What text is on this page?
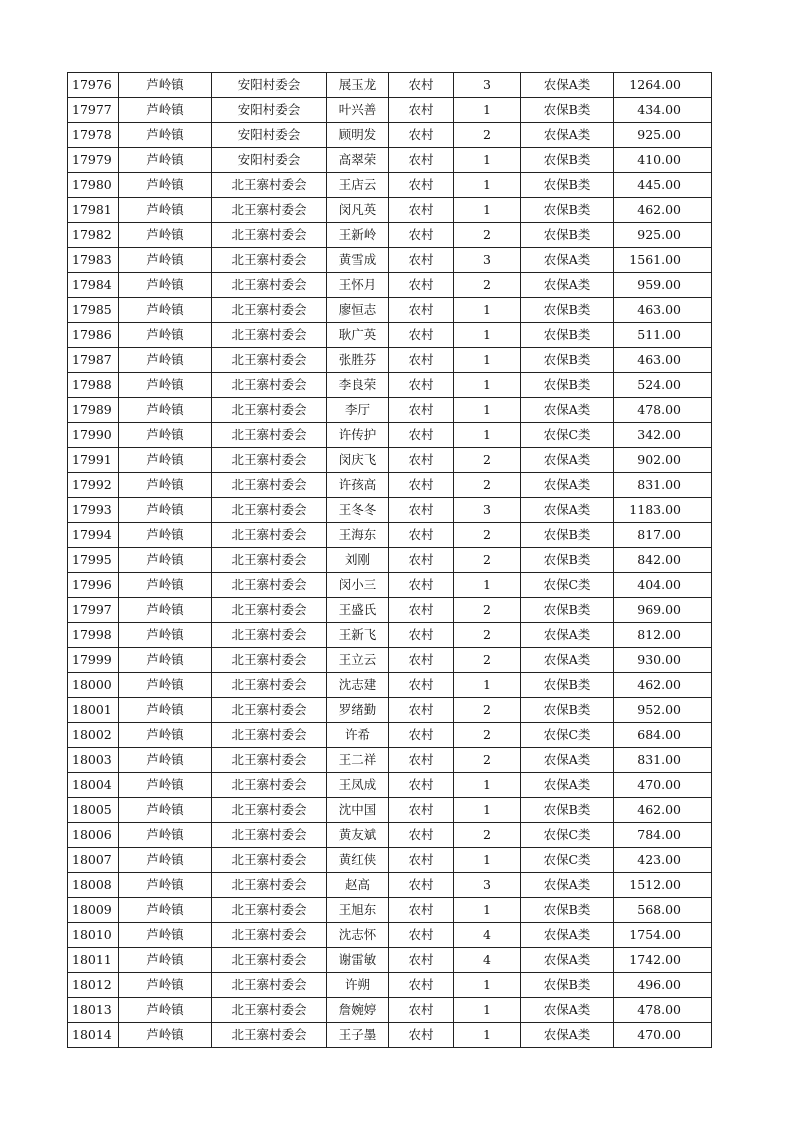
17976	芦岭镇	安阳村委会	展玉龙	农村	3	农保A类	1264.00
17977	芦岭镇	安阳村委会	叶兴善	农村	1	农保B类	434.00
17978	芦岭镇	安阳村委会	顾明发	农村	2	农保A类	925.00
17979	芦岭镇	安阳村委会	高翠荣	农村	1	农保B类	410.00
17980	芦岭镇	北王寨村委会	王店云	农村	1	农保B类	445.00
17981	芦岭镇	北王寨村委会	闵凡英	农村	1	农保B类	462.00
17982	芦岭镇	北王寨村委会	王新岭	农村	2	农保B类	925.00
17983	芦岭镇	北王寨村委会	黄雪成	农村	3	农保A类	1561.00
17984	芦岭镇	北王寨村委会	王怀月	农村	2	农保A类	959.00
17985	芦岭镇	北王寨村委会	廖恒志	农村	1	农保B类	463.00
17986	芦岭镇	北王寨村委会	耿广英	农村	1	农保B类	511.00
17987	芦岭镇	北王寨村委会	张胜芬	农村	1	农保B类	463.00
17988	芦岭镇	北王寨村委会	李良荣	农村	1	农保B类	524.00
17989	芦岭镇	北王寨村委会	李厅	农村	1	农保A类	478.00
17990	芦岭镇	北王寨村委会	许传护	农村	1	农保C类	342.00
17991	芦岭镇	北王寨村委会	闵庆飞	农村	2	农保A类	902.00
17992	芦岭镇	北王寨村委会	许孩高	农村	2	农保A类	831.00
17993	芦岭镇	北王寨村委会	王冬冬	农村	3	农保A类	1183.00
17994	芦岭镇	北王寨村委会	王海东	农村	2	农保B类	817.00
17995	芦岭镇	北王寨村委会	刘刚	农村	2	农保B类	842.00
17996	芦岭镇	北王寨村委会	闵小三	农村	1	农保C类	404.00
17997	芦岭镇	北王寨村委会	王盛氏	农村	2	农保B类	969.00
17998	芦岭镇	北王寨村委会	王新飞	农村	2	农保A类	812.00
17999	芦岭镇	北王寨村委会	王立云	农村	2	农保A类	930.00
18000	芦岭镇	北王寨村委会	沈志建	农村	1	农保B类	462.00
18001	芦岭镇	北王寨村委会	罗绪勤	农村	2	农保B类	952.00
18002	芦岭镇	北王寨村委会	许希	农村	2	农保C类	684.00
18003	芦岭镇	北王寨村委会	王二祥	农村	2	农保A类	831.00
18004	芦岭镇	北王寨村委会	王凤成	农村	1	农保A类	470.00
18005	芦岭镇	北王寨村委会	沈中国	农村	1	农保B类	462.00
18006	芦岭镇	北王寨村委会	黄友斌	农村	2	农保C类	784.00
18007	芦岭镇	北王寨村委会	黄红侠	农村	1	农保C类	423.00
18008	芦岭镇	北王寨村委会	赵高	农村	3	农保A类	1512.00
18009	芦岭镇	北王寨村委会	王旭东	农村	1	农保B类	568.00
18010	芦岭镇	北王寨村委会	沈志怀	农村	4	农保A类	1754.00
18011	芦岭镇	北王寨村委会	谢雷敏	农村	4	农保A类	1742.00
18012	芦岭镇	北王寨村委会	许朔	农村	1	农保B类	496.00
18013	芦岭镇	北王寨村委会	詹婉婷	农村	1	农保A类	478.00
18014	芦岭镇	北王寨村委会	王子墨	农村	1	农保A类	470.00
